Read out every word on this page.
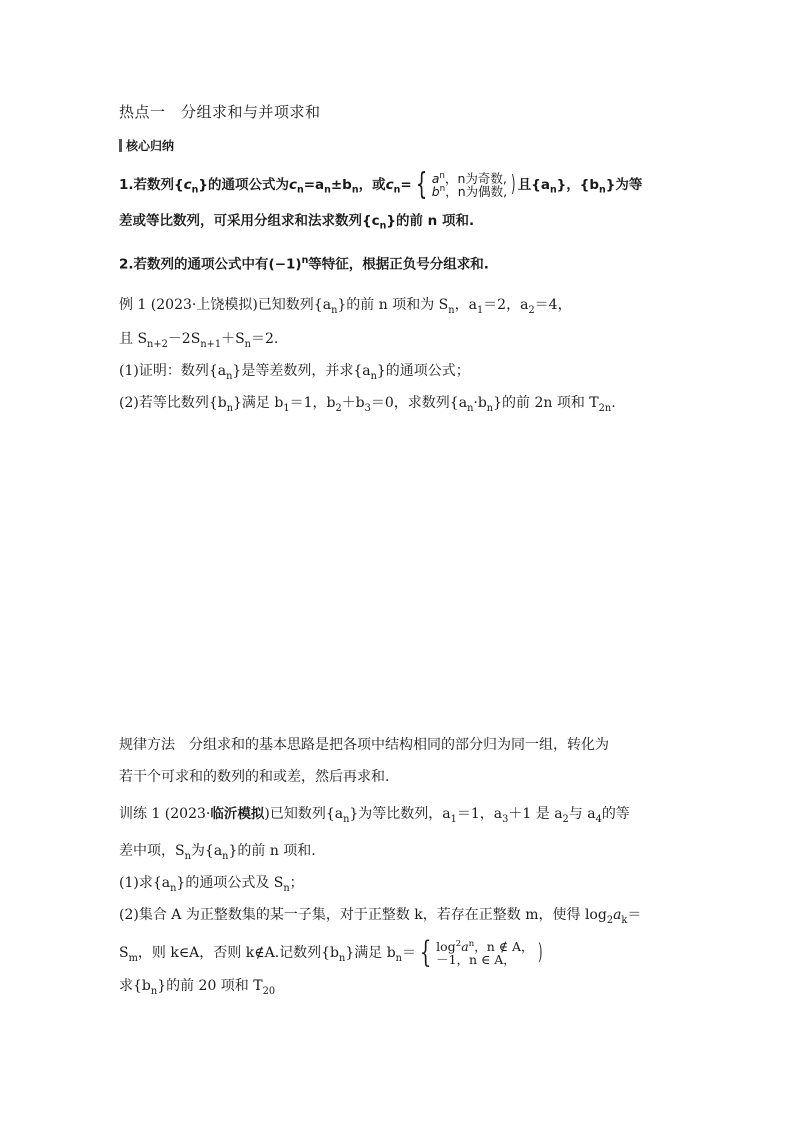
热点一　分组求和与并项求和
核心归纳
1.若数列$\{c_n\}$的通项公式为$c_n=a_n\pm b_n$，或$c_n=$ { $a^n$，n为奇数,
$b^n$，n为偶数, ) 且$\{a_n\}$，$\{b_n\}$为等
差或等比数列，可采用分组求和法求数列$\{c_n\}$的前 n 项和.
2.若数列的通项公式中有$(-1)^n$等特征，根据正负号分组求和.
例 1 (2023·上饶模拟)已知数列$\{a_n\}$的前 n 项和为 $S_n$，$a_1=2$，$a_2=4$，
且 $S_{n+2}-2S_{n+1}+S_n=2$.
(1)证明：数列$\{a_n\}$是等差数列，并求$\{a_n\}$的通项公式；
(2)若等比数列$\{b_n\}$满足 $b_1=1$，$b_2+b_3=0$，求数列$\{a_n\cdot b_n\}$的前 2n 项和 $T_{2n}$.
规律方法　分组求和的基本思路是把各项中结构相同的部分归为同一组，转化为
若干个可求和的数列的和或差，然后再求和.
训练 1 (2023·临沂模拟)已知数列$\{a_n\}$为等比数列，$a_1=1$，$a_3+1$ 是 $a_2$与 $a_4$的等
差中项，$S_n$为$\{a_n\}$的前 n 项和.
(1)求$\{a_n\}$的通项公式及 $S_n$；
(2)集合 A 为正整数集的某一子集，对于正整数 k，若存在正整数 m，使得 $\log_2a_k=$
$S_m$，则 k∈A，否则 k∉A.记数列$\{b_n\}$满足 $b_n=$ { $\log^2a^n$，n ∉ A，
－1，n ∈ A， )
求$\{b_n\}$的前 20 项和 $T_{20}$
